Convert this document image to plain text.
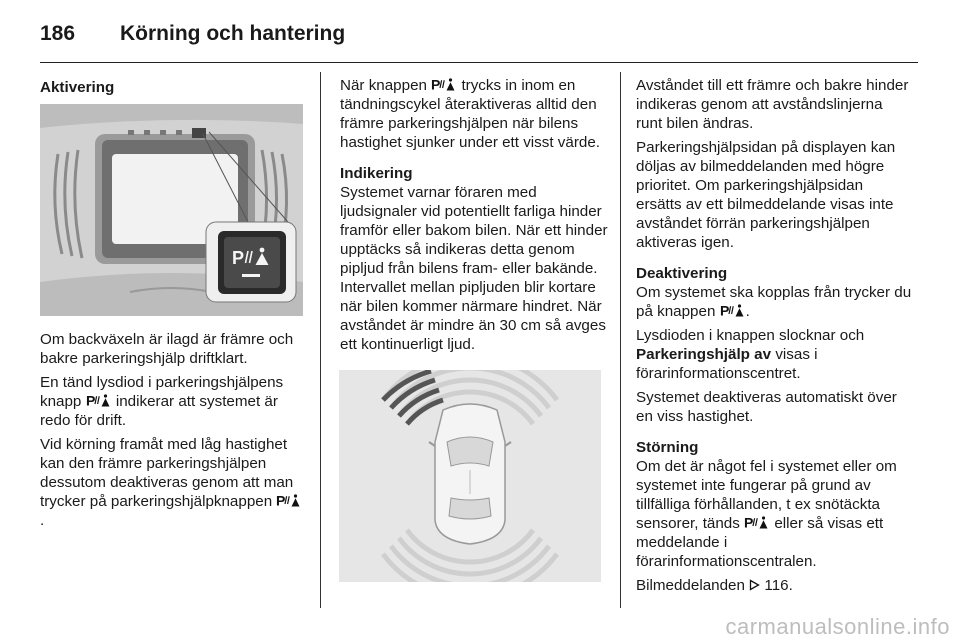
186 Körning och hantering

Aktivering

P

Om backväxeln är ilagd är främre och bakre parkeringshjälp driftklart.

En tänd lysdiod i parkeringshjälpens knapp indikerar att systemet är redo för drift.

Vid körning framåt med låg hastighet kan den främre parkeringshjälpen dessutom deaktiveras genom att man trycker på parkeringshjälpknappen .

När knappen trycks in inom en tändningscykel återaktiveras alltid den främre parkeringshjälpen när bilens hastighet sjunker under ett visst värde.

Indikering

Systemet varnar föraren med ljudsignaler vid potentiellt farliga hinder framför eller bakom bilen. När ett hinder upptäcks så indikeras detta genom pipljud från bilens fram- eller bakände. Intervallet mellan pipljuden blir kortare när bilen kommer närmare hindret. När avståndet är mindre än 30 cm så avges ett kontinuerligt ljud.

Avståndet till ett främre och bakre hinder indikeras genom att avståndslinjerna runt bilen ändras.

Parkeringshjälpsidan på displayen kan döljas av bilmeddelanden med högre prioritet. Om parkeringshjälpsidan ersätts av ett bilmeddelande visas inte avståndet förrän parkeringshjälpen aktiveras igen.

Deaktivering

Om systemet ska kopplas från trycker du på knappen .

Lysdioden i knappen slocknar och Parkeringshjälp av visas i förarinformationscentret.

Systemet deaktiveras automatiskt över en viss hastighet.

Störning

Om det är något fel i systemet eller om systemet inte fungerar på grund av tillfälliga förhållanden, t ex snötäckta sensorer, tänds eller så visas ett meddelande i förarinformationscentralen.

Bilmeddelanden 116.

carmanualsonline.info
